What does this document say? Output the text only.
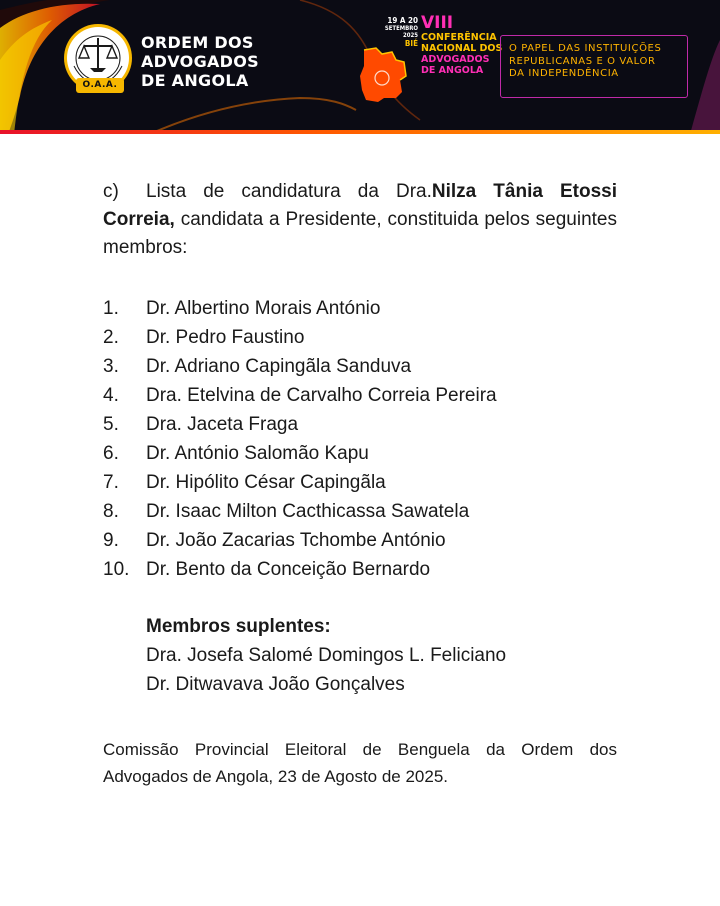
O.A.A.
ORDEM DOS
ADVOGADOS
DE ANGOLA
19 A 20
SETEMBRO
2025
BIÉ
VIII
CONFERÊNCIA
NACIONAL DOS
ADVOGADOS
DE ANGOLA
O PAPEL DAS INSTITUIÇÕES
REPUBLICANAS E O VALOR
DA INDEPENDÊNCIA

c) Lista de candidatura da Dra.Nilza Tânia Etossi Correia, candidata a Presidente, constituida pelos seguintes membros:

1. Dr. Albertino Morais António
2. Dr. Pedro Faustino
3. Dr. Adriano Capingãla Sanduva
4. Dra. Etelvina de Carvalho Correia Pereira
5. Dra. Jaceta Fraga
6. Dr. António Salomão Kapu
7. Dr. Hipólito César Capingãla
8. Dr. Isaac Milton Cacthicassa Sawatela
9. Dr. João Zacarias Tchombe António
10. Dr. Bento da Conceição Bernardo
Membros suplentes:
Dra. Josefa Salomé Domingos L. Feliciano
Dr. Ditwavava João Gonçalves

Comissão Provincial Eleitoral de Benguela da Ordem dos Advogados de Angola, 23 de Agosto de 2025.
